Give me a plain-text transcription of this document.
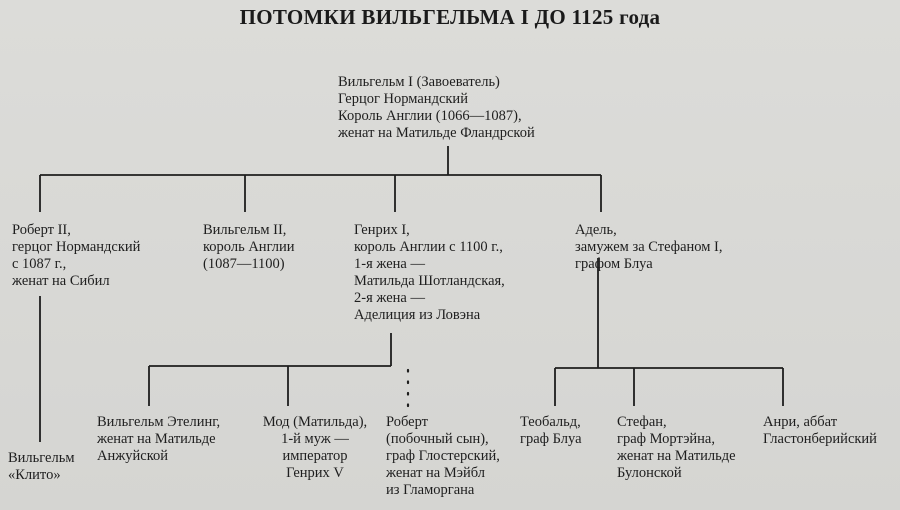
ПОТОМКИ ВИЛЬГЕЛЬМА I ДО 1125 года
Вильгельм I (Завоеватель)
Герцог Нормандский
Король Англии (1066—1087),
женат на Матильде Фландрской
Роберт II,
герцог Нормандский
с 1087 г.,
женат на Сибил
Вильгельм II,
король Англии
(1087—1100)
Генрих I,
король Англии с 1100 г.,
1-я жена —
Матильда Шотландская,
2-я жена —
Аделиция из Ловэна
Адель,
замужем за Стефаном I,
графом Блуа
Вильгельм
«Клито»
Вильгельм Этелинг,
женат на Матильде
Анжуйской
Мод (Матильда),
1-й муж —
император
Генрих V
Роберт
(побочный сын),
граф Глостерский,
женат на Мэйбл
из Гламоргана
Теобальд,
граф Блуа
Стефан,
граф Мортэйна,
женат на Матильде
Булонской
Анри, аббат
Гластонберийский
